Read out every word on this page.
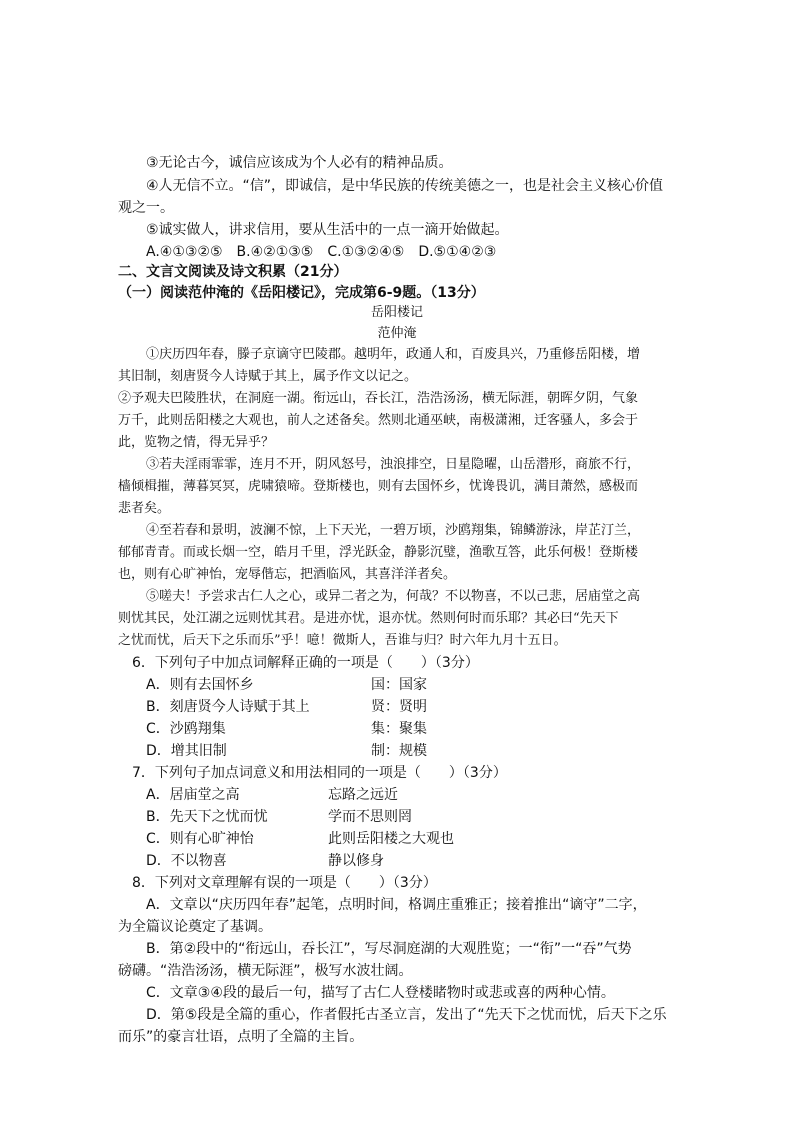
③无论古今，诚信应该成为个人必有的精神品质。
④人无信不立。“信”，即诚信，是中华民族的传统美德之一，也是社会主义核心价值
观之一。
⑤诚实做人，讲求信用，要从生活中的一点一滴开始做起。
A.④①③②⑤　B.④②①③⑤　C.①③②④⑤　D.⑤①④②③
二、文言文阅读及诗文积累（21分）
（一）阅读范仲淹的《岳阳楼记》，完成第6-9题。（13分）
岳阳楼记
范仲淹
①庆历四年春，滕子京谪守巴陵郡。越明年，政通人和，百废具兴，乃重修岳阳楼，增
其旧制，刻唐贤今人诗赋于其上，属予作文以记之。
②予观夫巴陵胜状，在洞庭一湖。衔远山，吞长江，浩浩汤汤，横无际涯，朝晖夕阴，气象
万千，此则岳阳楼之大观也，前人之述备矣。然则北通巫峡，南极潇湘，迁客骚人，多会于
此，览物之情，得无异乎？
③若夫淫雨霏霏，连月不开，阴风怒号，浊浪排空，日星隐曜，山岳潜形，商旅不行，
樯倾楫摧，薄暮冥冥，虎啸猿啼。登斯楼也，则有去国怀乡，忧谗畏讥，满目萧然，感极而
悲者矣。
④至若春和景明，波澜不惊，上下天光，一碧万顷，沙鸥翔集，锦鳞游泳，岸芷汀兰，
郁郁青青。而或长烟一空，皓月千里，浮光跃金，静影沉璧，渔歌互答，此乐何极！登斯楼
也，则有心旷神怡，宠辱偕忘，把酒临风，其喜洋洋者矣。
⑤嗟夫！予尝求古仁人之心，或异二者之为，何哉？不以物喜，不以己悲，居庙堂之高
则忧其民，处江湖之远则忧其君。是进亦忧，退亦忧。然则何时而乐耶？其必曰“先天下
之忧而忧，后天下之乐而乐”乎！噫！微斯人，吾谁与归？时六年九月十五日。
6．下列句子中加点词解释正确的一项是（　　）（3分）
A．则有去国怀乡	国：国家
B．刻唐贤今人诗赋于其上	贤：贤明
C．沙鸥翔集	集：聚集
D．增其旧制	制：规模
7．下列句子加点词意义和用法相同的一项是（　　）（3分）
A．居庙堂之高	忘路之远近
B．先天下之忧而忧	学而不思则罔
C．则有心旷神怡	此则岳阳楼之大观也
D．不以物喜	静以修身
8．下列对文章理解有误的一项是（　　）（3分）
A．文章以“庆历四年春”起笔，点明时间，格调庄重雅正；接着推出“谪守”二字，
为全篇议论奠定了基调。
B．第②段中的“衔远山，吞长江”，写尽洞庭湖的大观胜览；一“衔”一“吞”气势
磅礴。“浩浩汤汤，横无际涯”，极写水波壮阔。
C．文章③④段的最后一句，描写了古仁人登楼睹物时或悲或喜的两种心情。
D．第⑤段是全篇的重心，作者假托古圣立言，发出了“先天下之忧而忧，后天下之乐
而乐”的豪言壮语，点明了全篇的主旨。
